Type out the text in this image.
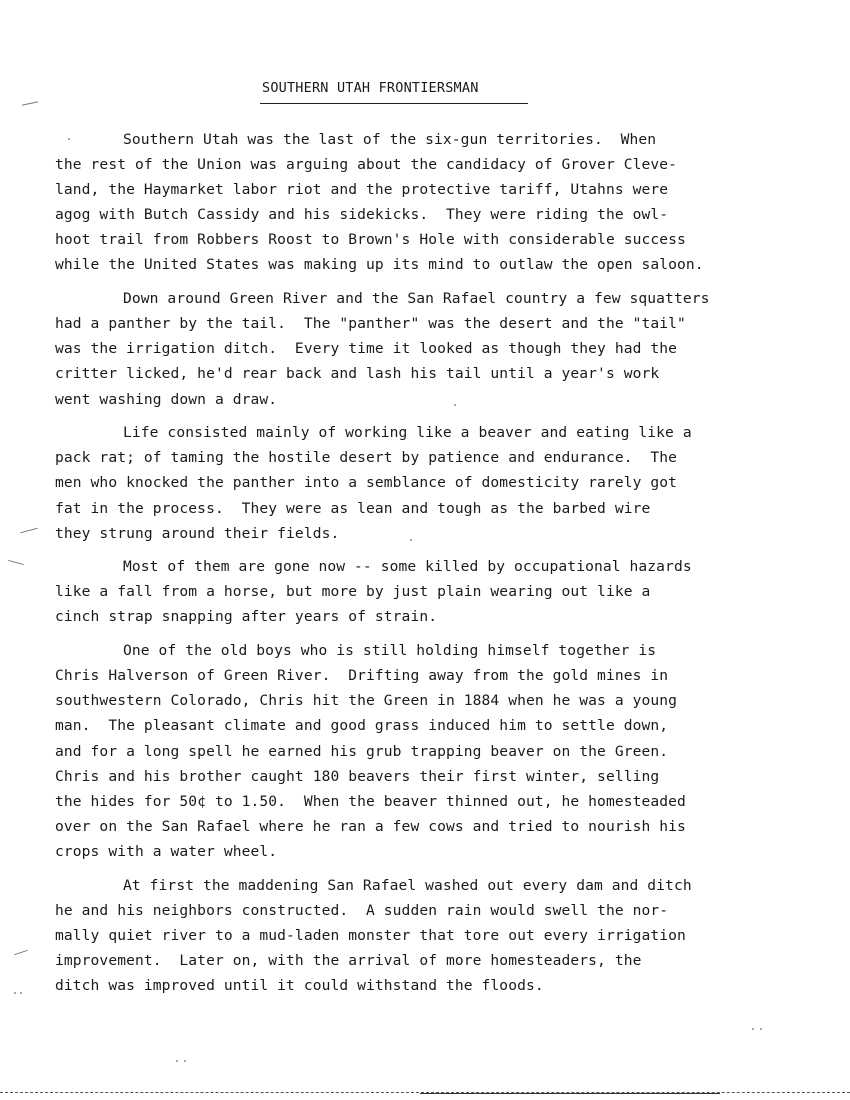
SOUTHERN UTAH FRONTIERSMAN
Southern Utah was the last of the six-gun territories.  When
the rest of the Union was arguing about the candidacy of Grover Cleve-
land, the Haymarket labor riot and the protective tariff, Utahns were
agog with Butch Cassidy and his sidekicks.  They were riding the owl-
hoot trail from Robbers Roost to Brown's Hole with considerable success
while the United States was making up its mind to outlaw the open saloon.
Down around Green River and the San Rafael country a few squatters
had a panther by the tail.  The "panther" was the desert and the "tail"
was the irrigation ditch.  Every time it looked as though they had the
critter licked, he'd rear back and lash his tail until a year's work
went washing down a draw.
Life consisted mainly of working like a beaver and eating like a
pack rat; of taming the hostile desert by patience and endurance.  The
men who knocked the panther into a semblance of domesticity rarely got
fat in the process.  They were as lean and tough as the barbed wire
they strung around their fields.
Most of them are gone now -- some killed by occupational hazards
like a fall from a horse, but more by just plain wearing out like a
cinch strap snapping after years of strain.
One of the old boys who is still holding himself together is
Chris Halverson of Green River.  Drifting away from the gold mines in
southwestern Colorado, Chris hit the Green in 1884 when he was a young
man.  The pleasant climate and good grass induced him to settle down,
and for a long spell he earned his grub trapping beaver on the Green.
Chris and his brother caught 180 beavers their first winter, selling
the hides for 50¢ to 1.50.  When the beaver thinned out, he homesteaded
over on the San Rafael where he ran a few cows and tried to nourish his
crops with a water wheel.
At first the maddening San Rafael washed out every dam and ditch
he and his neighbors constructed.  A sudden rain would swell the nor-
mally quiet river to a mud-laden monster that tore out every irrigation
improvement.  Later on, with the arrival of more homesteaders, the
ditch was improved until it could withstand the floods.
